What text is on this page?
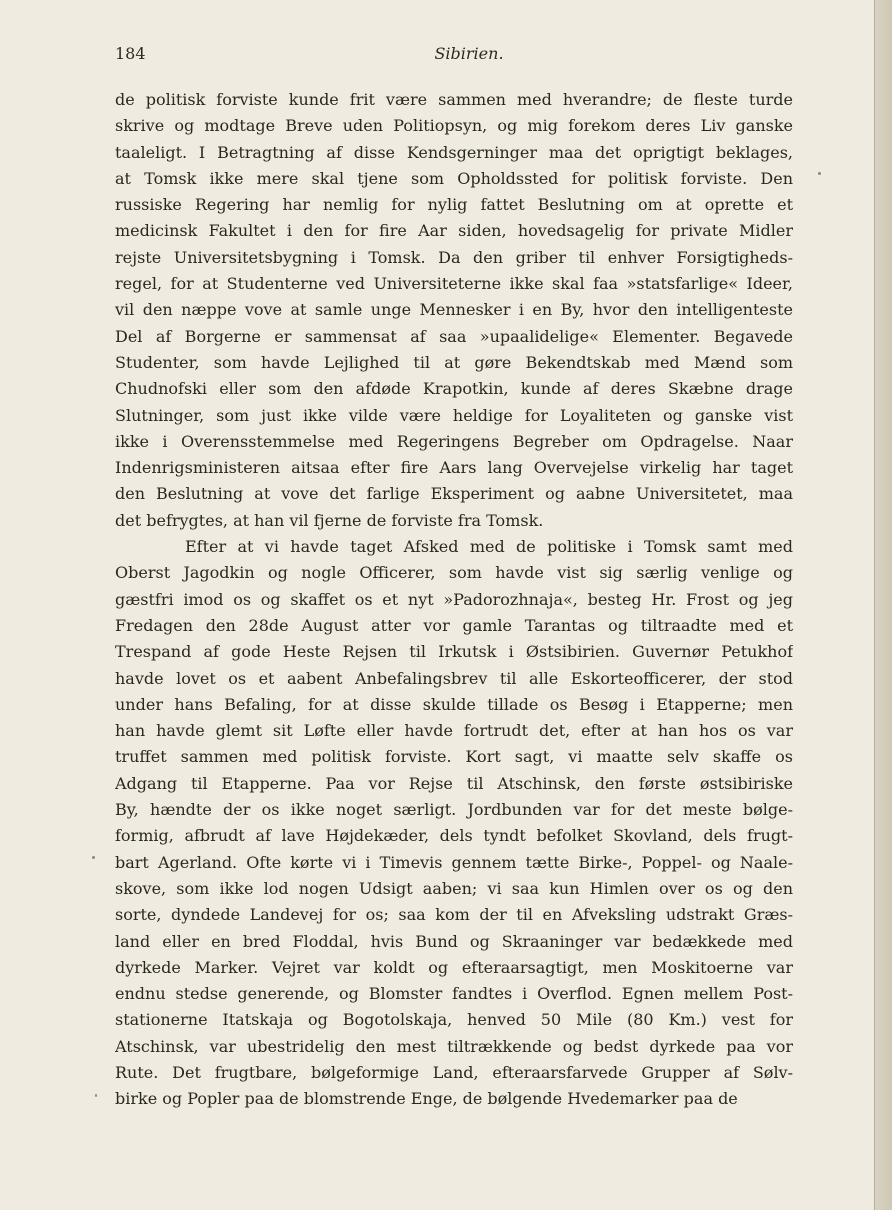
184	Sibirien.
de politisk forviste kunde frit være sammen med hverandre; de fleste turde
skrive og modtage Breve uden Politiopsyn, og mig forekom deres Liv ganske
taaleligt. I Betragtning af disse Kendsgerninger maa det oprigtigt beklages,
at Tomsk ikke mere skal tjene som Opholdssted for politisk forviste. Den
russiske Regering har nemlig for nylig fattet Beslutning om at oprette et
medicinsk Fakultet i den for fire Aar siden, hovedsagelig for private Midler
rejste Universitetsbygning i Tomsk. Da den griber til enhver Forsigtigheds-
regel, for at Studenterne ved Universiteterne ikke skal faa »statsfarlige« Ideer,
vil den næppe vove at samle unge Mennesker i en By, hvor den intelligenteste
Del af Borgerne er sammensat af saa »upaalidelige« Elementer. Begavede
Studenter, som havde Lejlighed til at gøre Bekendtskab med Mænd som
Chudnofski eller som den afdøde Krapotkin, kunde af deres Skæbne drage
Slutninger, som just ikke vilde være heldige for Loyaliteten og ganske vist
ikke i Overensstemmelse med Regeringens Begreber om Opdragelse. Naar
Indenrigsministeren aitsaa efter fire Aars lang Overvejelse virkelig har taget
den Beslutning at vove det farlige Eksperiment og aabne Universitetet, maa
det befrygtes, at han vil fjerne de forviste fra Tomsk.
Efter at vi havde taget Afsked med de politiske i Tomsk samt med
Oberst Jagodkin og nogle Officerer, som havde vist sig særlig venlige og
gæstfri imod os og skaffet os et nyt »Padorozhnaja«, besteg Hr. Frost og jeg
Fredagen den 28de August atter vor gamle Tarantas og tiltraadte med et
Trespand af gode Heste Rejsen til Irkutsk i Østsibirien. Guvernør Petukhof
havde lovet os et aabent Anbefalingsbrev til alle Eskorteofficerer, der stod
under hans Befaling, for at disse skulde tillade os Besøg i Etapperne; men
han havde glemt sit Løfte eller havde fortrudt det, efter at han hos os var
truffet sammen med politisk forviste. Kort sagt, vi maatte selv skaffe os
Adgang til Etapperne. Paa vor Rejse til Atschinsk, den første østsibiriske
By, hændte der os ikke noget særligt. Jordbunden var for det meste bølge-
formig, afbrudt af lave Højdekæder, dels tyndt befolket Skovland, dels frugt-
bart Agerland. Ofte kørte vi i Timevis gennem tætte Birke-, Poppel- og Naale-
skove, som ikke lod nogen Udsigt aaben; vi saa kun Himlen over os og den
sorte, dyndede Landevej for os; saa kom der til en Afveksling udstrakt Græs-
land eller en bred Floddal, hvis Bund og Skraaninger var bedækkede med
dyrkede Marker. Vejret var koldt og efteraarsagtigt, men Moskitoerne var
endnu stedse generende, og Blomster fandtes i Overflod. Egnen mellem Post-
stationerne Itatskaja og Bogotolskaja, henved 50 Mile (80 Km.) vest for
Atschinsk, var ubestridelig den mest tiltrækkende og bedst dyrkede paa vor
Rute. Det frugtbare, bølgeformige Land, efteraarsfarvede Grupper af Sølv-
birke og Popler paa de blomstrende Enge, de bølgende Hvedemarker paa de
